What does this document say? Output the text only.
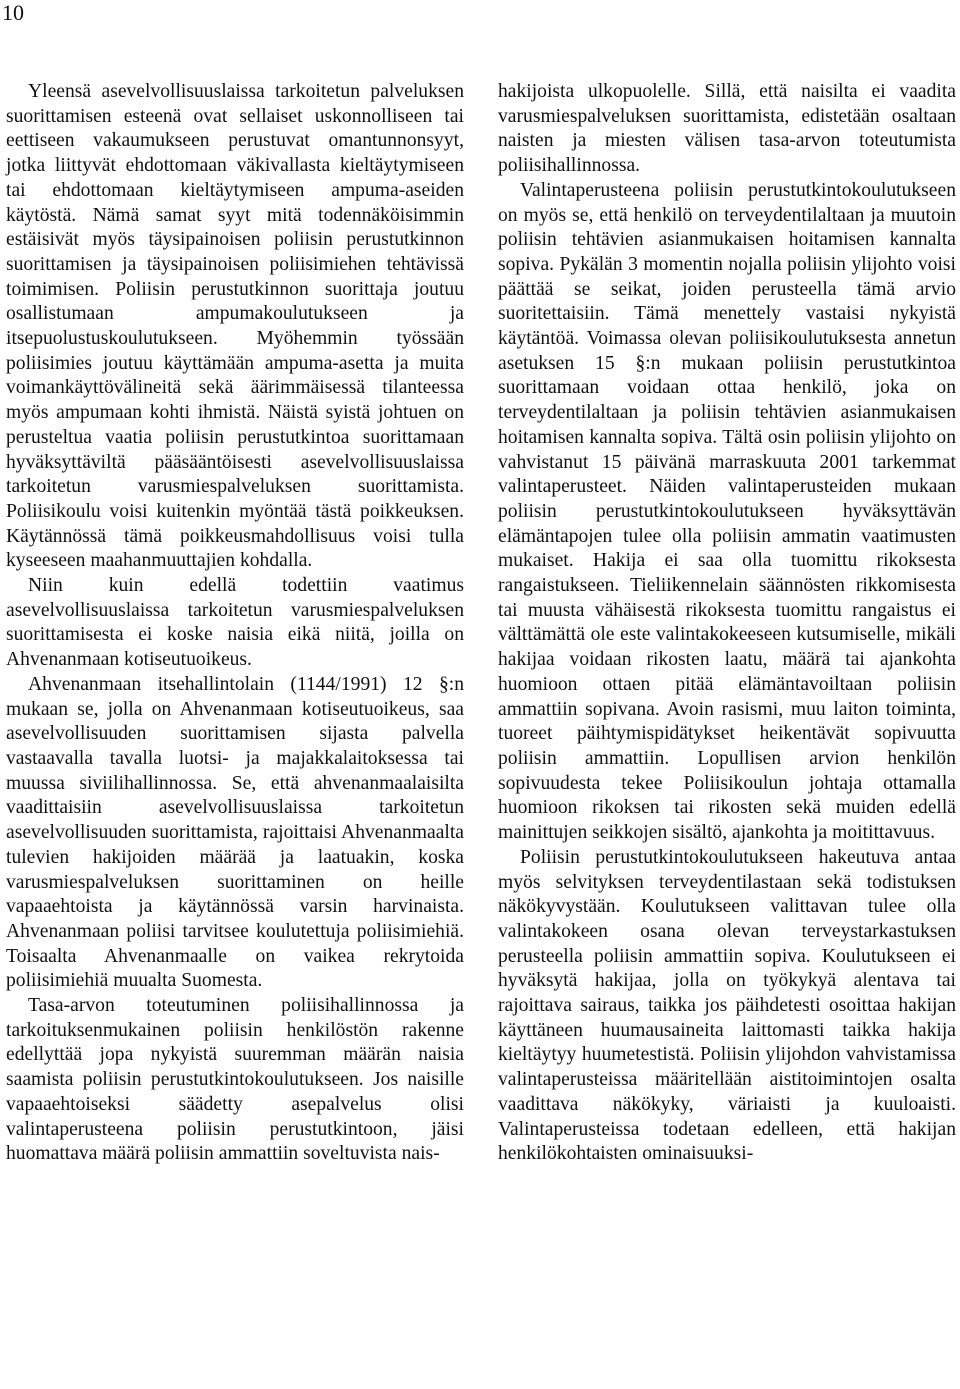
10

Yleensä asevelvollisuuslaissa tarkoitetun palveluksen suorittamisen esteenä ovat sellaiset uskonnolliseen tai eettiseen vakaumukseen perustuvat omantunnonsyyt, jotka liittyvät ehdottomaan väkivallasta kieltäytymiseen tai ehdottomaan kieltäytymiseen ampuma-aseiden käytöstä. Nämä samat syyt mitä todennäköisimmin estäisivät myös täysipainoisen poliisin perustutkinnon suorittamisen ja täysipainoisen poliisimiehen tehtävissä toimimisen. Poliisin perustutkinnon suorittaja joutuu osallistumaan ampumakoulutukseen ja itsepuolustuskoulutukseen. Myöhemmin työssään poliisimies joutuu käyttämään ampuma-asetta ja muita voimankäyttövälineitä sekä äärimmäisessä tilanteessa myös ampumaan kohti ihmistä. Näistä syistä johtuen on perusteltua vaatia poliisin perustutkintoa suorittamaan hyväksyttäviltä pääsääntöisesti asevelvollisuuslaissa tarkoitetun varusmiespalveluksen suorittamista. Poliisikoulu voisi kuitenkin myöntää tästä poikkeuksen. Käytännössä tämä poikkeusmahdollisuus voisi tulla kyseeseen maahanmuuttajien kohdalla.

Niin kuin edellä todettiin vaatimus asevelvollisuuslaissa tarkoitetun varusmiespalveluksen suorittamisesta ei koske naisia eikä niitä, joilla on Ahvenanmaan kotiseutuoikeus.

Ahvenanmaan itsehallintolain (1144/1991) 12 §:n mukaan se, jolla on Ahvenanmaan kotiseutuoikeus, saa asevelvollisuuden suorittamisen sijasta palvella vastaavalla tavalla luotsi- ja majakkalaitoksessa tai muussa siviilihallinnossa. Se, että ahvenanmaalaisilta vaadittaisiin asevelvollisuuslaissa tarkoitetun asevelvollisuuden suorittamista, rajoittaisi Ahvenanmaalta tulevien hakijoiden määrää ja laatuakin, koska varusmiespalveluksen suorittaminen on heille vapaaehtoista ja käytännössä varsin harvinaista. Ahvenanmaan poliisi tarvitsee koulutettuja poliisimiehiä. Toisaalta Ahvenanmaalle on vaikea rekrytoida poliisimiehiä muualta Suomesta.

Tasa-arvon toteutuminen poliisihallinnossa ja tarkoituksenmukainen poliisin henkilöstön rakenne edellyttää jopa nykyistä suuremman määrän naisia saamista poliisin perustutkintokoulutukseen. Jos naisille vapaaehtoiseksi säädetty asepalvelus olisi valintaperusteena poliisin perustutkintoon, jäisi huomattava määrä poliisin ammattiin soveltuvista nais-

hakijoista ulkopuolelle. Sillä, että naisilta ei vaadita varusmiespalveluksen suorittamista, edistetään osaltaan naisten ja miesten välisen tasa-arvon toteutumista poliisihallinnossa.

Valintaperusteena poliisin perustutkintokoulutukseen on myös se, että henkilö on terveydentilaltaan ja muutoin poliisin tehtävien asianmukaisen hoitamisen kannalta sopiva. Pykälän 3 momentin nojalla poliisin ylijohto voisi päättää se seikat, joiden perusteella tämä arvio suoritettaisiin. Tämä menettely vastaisi nykyistä käytäntöä. Voimassa olevan poliisikoulutuksesta annetun asetuksen 15 §:n mukaan poliisin perustutkintoa suorittamaan voidaan ottaa henkilö, joka on terveydentilaltaan ja poliisin tehtävien asianmukaisen hoitamisen kannalta sopiva. Tältä osin poliisin ylijohto on vahvistanut 15 päivänä marraskuuta 2001 tarkemmat valintaperusteet. Näiden valintaperusteiden mukaan poliisin perustutkintokoulutukseen hyväksyttävän elämäntapojen tulee olla poliisin ammatin vaatimusten mukaiset. Hakija ei saa olla tuomittu rikoksesta rangaistukseen. Tieliikennelain säännösten rikkomisesta tai muusta vähäisestä rikoksesta tuomittu rangaistus ei välttämättä ole este valintakokeeseen kutsumiselle, mikäli hakijaa voidaan rikosten laatu, määrä tai ajankohta huomioon ottaen pitää elämäntavoiltaan poliisin ammattiin sopivana. Avoin rasismi, muu laiton toiminta, tuoreet päihtymispidätykset heikentävät sopivuutta poliisin ammattiin. Lopullisen arvion henkilön sopivuudesta tekee Poliisikoulun johtaja ottamalla huomioon rikoksen tai rikosten sekä muiden edellä mainittujen seikkojen sisältö, ajankohta ja moitittavuus.

Poliisin perustutkintokoulutukseen hakeutuva antaa myös selvityksen terveydentilastaan sekä todistuksen näkökyvystään. Koulutukseen valittavan tulee olla valintakokeen osana olevan terveystarkastuksen perusteella poliisin ammattiin sopiva. Koulutukseen ei hyväksytä hakijaa, jolla on työkykyä alentava tai rajoittava sairaus, taikka jos päihdetesti osoittaa hakijan käyttäneen huumausaineita laittomasti taikka hakija kieltäytyy huumetestistä. Poliisin ylijohdon vahvistamissa valintaperusteissa määritellään aistitoimintojen osalta vaadittava näkökyky, väriaisti ja kuuloaisti. Valintaperusteissa todetaan edelleen, että hakijan henkilökohtaisten ominaisuuksi-
